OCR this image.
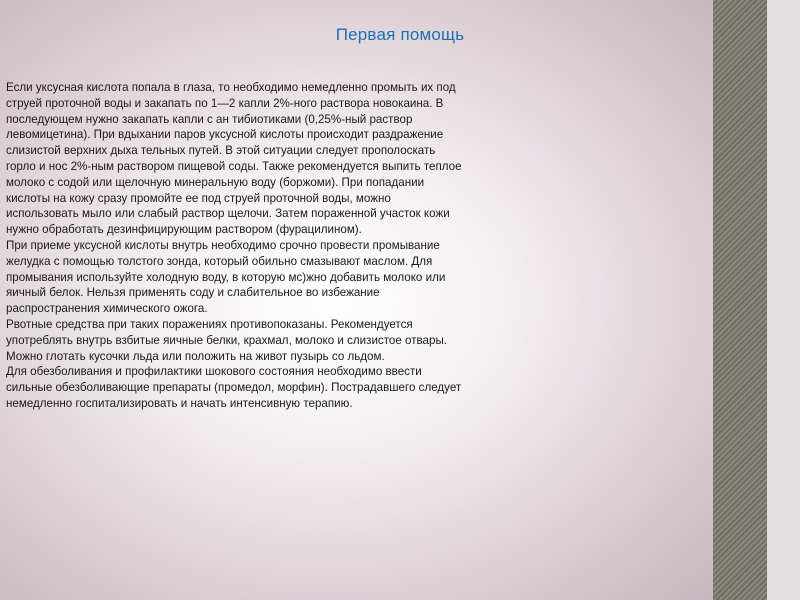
Первая помощь

Если уксусная кислота попала в глаза, то необходимо немедленно промыть их под струей проточной воды и закапать по 1—2 капли 2%-ного раствора новокаина. В последующем нужно закапать капли с ан тибиотиками (0,25%-ный раствор левомицетина). При вдыхании паров уксусной кислоты происходит раздражение слизистой верхних дыха тельных путей. В этой ситуации следует прополоскать горло и нос 2%-ным раствором пищевой соды. Также рекомендуется выпить теплое молоко с содой или щелочную минеральную воду (боржоми). При попадании кислоты на кожу сразу промойте ее под струей проточной воды, можно использовать мыло или слабый раствор щелочи. Затем пораженной участок кожи нужно обработать дезинфицирующим раствором (фурацилином).

При приеме уксусной кислоты внутрь необходимо срочно провести промывание желудка с помощью толстого зонда, который обильно смазывают маслом. Для промывания используйте холодную воду, в которую мс)жно добавить молоко или яичный белок. Нельзя применять соду и слабительное во избежание распространения химического ожога.

Рвотные средства при таких поражениях противопоказаны. Рекомендуется употреблять внутрь взбитые яичные белки, крахмал, молоко и слизистое отвары. Можно глотать кусочки льда или положить на живот пузырь со льдом.

Для обезболивания и профилактики шокового состояния необходимо ввести сильные обезболивающие препараты (промедол, морфин). Пострадавшего следует немедленно госпитализировать и начать интенсивную терапию.
